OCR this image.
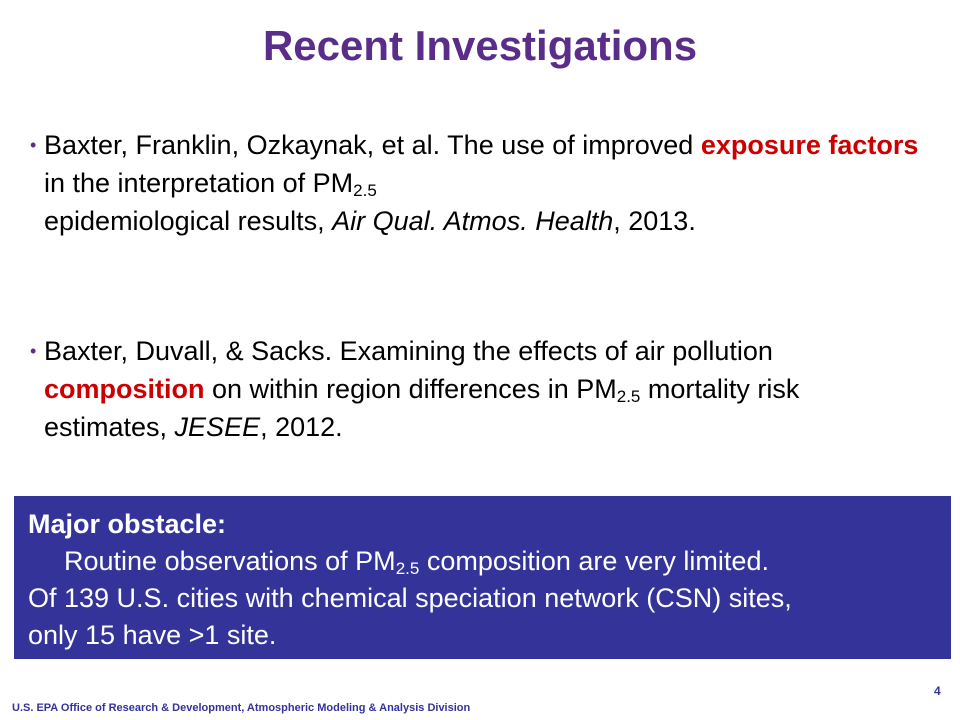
Recent Investigations
• Baxter, Franklin, Ozkaynak, et al. The use of improved exposure factors in the interpretation of $PM_{2.5}$
epidemiological results, Air Qual. Atmos. Health, 2013.
• Baxter, Duvall, & Sacks. Examining the effects of air pollution composition on within region differences in $PM_{2.5}$ mortality risk estimates, JESEE, 2012.
Major obstacle:
Routine observations of $PM_{2.5}$ composition are very limited.
Of 139 U.S. cities with chemical speciation network (CSN) sites,
only 15 have >1 site.
U.S. EPA Office of Research & Development, Atmospheric Modeling & Analysis Division
4
